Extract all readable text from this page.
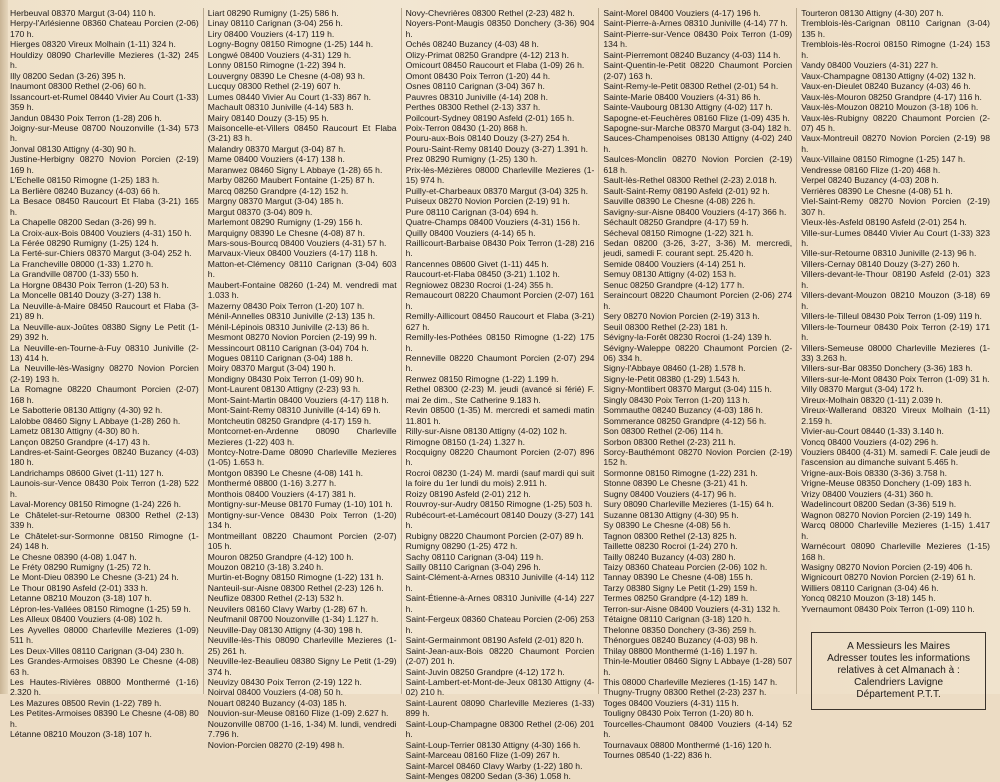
Herbeuval 08370 Margut (3-04) 110 h.

Herpy-l'Arlésienne 08360 Chateau Porcien (2-06) 170 h.

Hierges 08320 Vireux Molhain (1-11) 324 h.

Houldizy 08090 Charleville Mezieres (1-32) 245 h.

Illy 08200 Sedan (3-26) 395 h.

Inaumont 08300 Rethel (2-06) 60 h.

Issancourt-et-Rumel 08440 Vivier Au Court (1-33) 359 h.

Jandun 08430 Poix Terron (1-28) 206 h.

Joigny-sur-Meuse 08700 Nouzonville (1-34) 573 h.

Jonval 08130 Attigny (4-30) 90 h.

Justine-Herbigny 08270 Novion Porcien (2-19) 169 h.

L'Echelle 08150 Rimogne (1-25) 183 h.

La Berlière 08240 Buzancy (4-03) 66 h.

La Besace 08450 Raucourt Et Flaba (3-21) 165 h.

La Chapelle 08200 Sedan (3-26) 99 h.

La Croix-aux-Bois 08400 Vouziers (4-31) 150 h.

La Férée 08290 Rumigny (1-25) 124 h.

La Ferté-sur-Chiers 08370 Margut (3-04) 252 h.

La Francheville 08000 (1-33) 1.270 h.

La Grandville 08700 (1-33) 550 h.

La Horgne 08430 Poix Terron (1-20) 53 h.

La Moncelle 08140 Douzy (3-27) 138 h.

La Neuville-à-Maire 08450 Raucourt et Flaba (3-21) 89 h.

La Neuville-aux-Joûtes 08380 Signy Le Petit (1-29) 392 h.

La Neuville-en-Tourne-à-Fuy 08310 Juniville (2-13) 414 h.

La Neuville-lès-Wasigny 08270 Novion Porcien (2-19) 193 h.

La Romagne 08220 Chaumont Porcien (2-07) 168 h.

Le Sabotterie 08130 Attigny (4-30) 92 h.

Lalobbe 08460 Signy L Abbaye (1-28) 260 h.

Lametz 08130 Attigny (4-30) 80 h.

Lançon 08250 Grandpre (4-17) 43 h.

Landres-et-Saint-Georges 08240 Buzancy (4-03) 180 h.

Landrichamps 08600 Givet (1-11) 127 h.

Launois-sur-Vence 08430 Poix Terron (1-28) 522 h.

Laval-Morency 08150 Rimogne (1-24) 226 h.

Le Châtelet-sur-Retourne 08300 Rethel (2-13) 339 h.

Le Châtelet-sur-Sormonne 08150 Rimogne (1-24) 148 h.

Le Chesne 08390 (4-08) 1.047 h.

Le Fréty 08290 Rumigny (1-25) 72 h.

Le Mont-Dieu 08390 Le Chesne (3-21) 24 h.

Le Thour 08190 Asfeld (2-01) 333 h.

Letanne 08210 Mouzon (3-18) 107 h.

Lépron-les-Vallées 08150 Rimogne (1-25) 59 h.

Les Alleux 08400 Vouziers (4-08) 102 h.

Les Ayvelles 08000 Charleville Mezieres (1-09) 511 h.

Les Deux-Villes 08110 Carignan (3-04) 230 h.

Les Grandes-Armoises 08390 Le Chesne (4-08) 63 h.

Les Hautes-Rivières 08800 Monthermé (1-16) 2.320 h.

Les Mazures 08500 Revin (1-22) 789 h.

Les Petites-Armoises 08390 Le Chesne (4-08) 80 h.

Létanne 08210 Mouzon (3-18) 107 h.

Liart 08290 Rumigny (1-25) 586 h.

Linay 08110 Carignan (3-04) 256 h.

Liry 08400 Vouziers (4-17) 119 h.

Logny-Bogny 08150 Rimogne (1-25) 144 h.

Longwé 08400 Vouziers (4-31) 129 h.

Lonny 08150 Rimogne (1-22) 394 h.

Louvergny 08390 Le Chesne (4-08) 93 h.

Lucquy 08300 Rethel (2-19) 607 h.

Lumes 08440 Vivier Au Court (1-33) 867 h.

Machault 08310 Juniville (4-14) 583 h.

Mairy 08140 Douzy (3-15) 95 h.

Maisoncelle-et-Villers 08450 Raucourt Et Flaba (3-21) 83 h.

Malandry 08370 Margut (3-04) 87 h.

Mame 08400 Vouziers (4-17) 138 h.

Maranwez 08460 Signy L Abbaye (1-28) 65 h.

Marby 08260 Maubert Fontaine (1-25) 87 h.

Marcq 08250 Grandpre (4-12) 152 h.

Margny 08370 Margut (3-04) 185 h.

Margut 08370 (3-04) 809 h.

Marlemont 08290 Rumigny (1-29) 156 h.

Marquigny 08390 Le Chesne (4-08) 87 h.

Mars-sous-Bourcq 08400 Vouziers (4-31) 57 h.

Marvaux-Vieux 08400 Vouziers (4-17) 118 h.

Matton-et-Clémency 08110 Carignan (3-04) 603 h.

Maubert-Fontaine 08260 (1-24) M. vendredi mat 1.033 h.

Mazerny 08430 Poix Terron (1-20) 107 h.

Ménil-Annelles 08310 Juniville (2-13) 135 h.

Ménil-Lépinois 08310 Juniville (2-13) 86 h.

Mesmont 08270 Novion Porcien (2-19) 99 h.

Messincourt 08110 Carignan (3-04) 704 h.

Mogues 08110 Carignan (3-04) 188 h.

Moiry 08370 Margut (3-04) 190 h.

Mondigny 08430 Poix Terron (1-09) 90 h.

Mont-Laurent 08130 Attigny (2-23) 93 h.

Mont-Saint-Martin 08400 Vouziers (4-17) 118 h.

Mont-Saint-Remy 08310 Juniville (4-14) 69 h.

Montcheutin 08250 Grandpre (4-17) 159 h.

Montcornet-en-Ardenne 08090 Charleville Mezieres (1-22) 403 h.

Montcy-Notre-Dame 08090 Charleville Mezieres (1-05) 1.653 h.

Montgon 08390 Le Chesne (4-08) 141 h.

Monthermé 08800 (1-16) 3.277 h.

Monthois 08400 Vouziers (4-17) 381 h.

Montigny-sur-Meuse 08170 Fumay (1-10) 101 h.

Montigny-sur-Vence 08430 Poix Terron (1-20) 134 h.

Montmeillant 08220 Chaumont Porcien (2-07) 105 h.

Mouron 08250 Grandpre (4-12) 100 h.

Mouzon 08210 (3-18) 3.240 h.

Murtin-et-Bogny 08150 Rimogne (1-22) 131 h.

Nanteuil-sur-Aisne 08300 Rethel (2-23) 126 h.

Neuflize 08300 Rethel (2-13) 532 h.

Neuvilers 08160 Clavy Warby (1-28) 67 h.

Neufmanil 08700 Nouzonville (1-34) 1.127 h.

Neuville-Day 08130 Attigny (4-30) 198 h.

Neuville-lès-This 08090 Charleville Mezieres (1-25) 261 h.

Neuville-lez-Beaulieu 08380 Signy Le Petit (1-29) 374 h.

Neuvizy 08430 Poix Terron (2-19) 122 h.

Noirval 08400 Vouziers (4-08) 50 h.

Nouart 08240 Buzancy (4-03) 185 h.

Nouvion-sur-Meuse 08160 Flize (1-09) 2.627 h.

Nouzonville 08700 (1-16, 1-34) M. lundi, vendredi 7.796 h.

Novion-Porcien 08270 (2-19) 498 h.

Novy-Chevrières 08300 Rethel (2-23) 482 h.

Noyers-Pont-Maugis 08350 Donchery (3-36) 904 h.

Ochés 08240 Buzancy (4-03) 48 h.

Olizy-Primat 08250 Grandpre (4-12) 213 h.

Omicourt 08450 Raucourt et Flaba (1-09) 26 h.

Omont 08430 Poix Terron (1-20) 44 h.

Osnes 08110 Carignan (3-04) 367 h.

Pauvres 08310 Juniville (4-14) 208 h.

Perthes 08300 Rethel (2-13) 337 h.

Poilcourt-Sydney 08190 Asfeld (2-01) 165 h.

Poix-Terron 08430 (1-20) 868 h.

Pouru-aux-Bois 08140 Douzy (3-27) 254 h.

Pouru-Saint-Remy 08140 Douzy (3-27) 1.391 h.

Prez 08290 Rumigny (1-25) 130 h.

Prix-lès-Mézières 08000 Charleville Mezieres (1-15) 974 h.

Puilly-et-Charbeaux 08370 Margut (3-04) 325 h.

Puiseux 08270 Novion Porcien (2-19) 91 h.

Pure 08110 Carignan (3-04) 694 h.

Quatre-Champs 08400 Vouziers (4-31) 156 h.

Quilly 08400 Vouziers (4-14) 65 h.

Raillicourt-Barbaise 08430 Poix Terron (1-28) 216 h.

Rancennes 08600 Givet (1-11) 445 h.

Raucourt-et-Flaba 08450 (3-21) 1.102 h.

Regniowez 08230 Rocroi (1-24) 355 h.

Remaucourt 08220 Chaumont Porcien (2-07) 161 h.

Remilly-Aillicourt 08450 Raucourt et Flaba (3-21) 627 h.

Remilly-les-Pothées 08150 Rimogne (1-22) 175 h.

Renneville 08220 Chaumont Porcien (2-07) 294 h.

Renwez 08150 Rimogne (1-22) 1.199 h.

Rethel 08300 (2-23) M. jeudi (avancé si férié) F. mai 2e dim., Ste Catherine 9.183 h.

Revin 08500 (1-35) M. mercredi et samedi matin 11.801 h.

Rilly-sur-Aisne 08130 Attigny (4-02) 102 h.

Rimogne 08150 (1-24) 1.327 h.

Rocquigny 08220 Chaumont Porcien (2-07) 896 h.

Rocroi 08230 (1-24) M. mardi (sauf mardi qui suit la foire du 1er lundi du mois) 2.911 h.

Roizy 08190 Asfeld (2-01) 212 h.

Rouvroy-sur-Audry 08150 Rimogne (1-25) 503 h.

Rubécourt-et-Lamécourt 08140 Douzy (3-27) 141 h.

Rubigny 08220 Chaumont Porcien (2-07) 89 h.

Rumigny 08290 (1-25) 472 h.

Sachy 08110 Carignan (3-04) 119 h.

Sailly 08110 Carignan (3-04) 296 h.

Saint-Clément-à-Arnes 08310 Juniville (4-14) 112 h.

Saint-Étienne-à-Arnes 08310 Juniville (4-14) 227 h.

Saint-Fergeux 08360 Chateau Porcien (2-06) 253 h.

Saint-Germainmont 08190 Asfeld (2-01) 820 h.

Saint-Jean-aux-Bois 08220 Chaumont Porcien (2-07) 201 h.

Saint-Juvin 08250 Grandpre (4-12) 172 h.

Saint-Lambert-et-Mont-de-Jeux 08130 Attigny (4-02) 210 h.

Saint-Laurent 08090 Charleville Mezieres (1-33) 899 h.

Saint-Loup-Champagne 08300 Rethel (2-06) 201 h.

Saint-Loup-Terrier 08130 Attigny (4-30) 166 h.

Saint-Marceau 08160 Flize (1-09) 267 h.

Saint-Marcel 08460 Clavy Warby (1-22) 180 h.

Saint-Menges 08200 Sedan (3-36) 1.058 h.

Saint-Morel 08400 Vouziers (4-17) 196 h.

Saint-Pierre-à-Arnes 08310 Juniville (4-14) 77 h.

Saint-Pierre-sur-Vence 08430 Poix Terron (1-09) 134 h.

Saint-Pierremont 08240 Buzancy (4-03) 114 h.

Saint-Quentin-le-Petit 08220 Chaumont Porcien (2-07) 163 h.

Saint-Remy-le-Petit 08300 Rethel (2-01) 54 h.

Sainte-Marie 08400 Vouziers (4-31) 86 h.

Sainte-Vaubourg 08130 Attigny (4-02) 117 h.

Sapogne-et-Feuchères 08160 Flize (1-09) 435 h.

Sapogne-sur-Marche 08370 Margut (3-04) 182 h.

Sauces-Champenoises 08130 Attigny (4-02) 240 h.

Saulces-Monclin 08270 Novion Porcien (2-19) 618 h.

Sault-lès-Rethel 08300 Rethel (2-23) 2.018 h.

Sault-Saint-Remy 08190 Asfeld (2-01) 92 h.

Sauville 08390 Le Chesne (4-08) 226 h.

Savigny-sur-Aisne 08400 Vouziers (4-17) 366 h.

Séchault 08250 Grandpre (4-17) 59 h.

Sécheval 08150 Rimogne (1-22) 321 h.

Sedan 08200 (3-26, 3-27, 3-36) M. mercredi, jeudi, samedi F. courant sept. 25.420 h.

Semide 08400 Vouziers (4-14) 251 h.

Semuy 08130 Attigny (4-02) 153 h.

Senuc 08250 Grandpre (4-12) 177 h.

Seraincourt 08220 Chaumont Porcien (2-06) 274 h.

Sery 08270 Novion Porcien (2-19) 313 h.

Seuil 08300 Rethel (2-23) 181 h.

Sévigny-la-Forêt 08230 Rocroi (1-24) 139 h.

Sévigny-Waleppe 08220 Chaumont Porcien (2-06) 334 h.

Signy-l'Abbaye 08460 (1-28) 1.578 h.

Signy-le-Petit 08380 (1-29) 1.543 h.

Signy-Montlibert 08370 Margut (3-04) 115 h.

Singly 08430 Poix Terron (1-20) 113 h.

Sommauthe 08240 Buzancy (4-03) 186 h.

Sommerance 08250 Grandpre (4-12) 56 h.

Son 08300 Rethel (2-06) 114 h.

Sorbon 08300 Rethel (2-23) 211 h.

Sorcy-Bauthémont 08270 Novion Porcien (2-19) 152 h.

Sormonne 08150 Rimogne (1-22) 231 h.

Stonne 08390 Le Chesne (3-21) 41 h.

Sugny 08400 Vouziers (4-17) 96 h.

Sury 08090 Charleville Mezieres (1-15) 64 h.

Suzanne 08130 Attigny (4-30) 95 h.

Sy 08390 Le Chesne (4-08) 56 h.

Tagnon 08300 Rethel (2-13) 825 h.

Taillette 08230 Rocroi (1-24) 270 h.

Tailly 08240 Buzancy (4-03) 280 h.

Taizy 08360 Chateau Porcien (2-06) 102 h.

Tannay 08390 Le Chesne (4-08) 155 h.

Tarzy 08380 Signy Le Petit (1-29) 159 h.

Termes 08250 Grandpre (4-12) 189 h.

Terron-sur-Aisne 08400 Vouziers (4-31) 132 h.

Tétaigne 08110 Carignan (3-18) 120 h.

Thelonne 08350 Donchery (3-36) 259 h.

Thénorgues 08240 Buzancy (4-03) 98 h.

Thilay 08800 Monthermé (1-16) 1.197 h.

Thin-le-Moutier 08460 Signy L Abbaye (1-28) 507 h.

This 08000 Charleville Mezieres (1-15) 147 h.

Thugny-Trugny 08300 Rethel (2-23) 237 h.

Toges 08400 Vouziers (4-31) 115 h.

Touligny 08430 Poix Terron (1-20) 80 h.

Tourcelles-Chaumont 08400 Vouziers (4-14) 52 h.

Tournavaux 08800 Monthermé (1-16) 120 h.

Tournes 08540 (1-22) 836 h.

Tourteron 08130 Attigny (4-30) 207 h.

Tremblois-lès-Carignan 08110 Carignan (3-04) 135 h.

Tremblois-lès-Rocroi 08150 Rimogne (1-24) 153 h.

Vandy 08400 Vouziers (4-31) 227 h.

Vaux-Champagne 08130 Attigny (4-02) 132 h.

Vaux-en-Dieulet 08240 Buzancy (4-03) 46 h.

Vaux-lès-Mouron 08250 Grandpre (4-17) 116 h.

Vaux-lès-Mouzon 08210 Mouzon (3-18) 106 h.

Vaux-lès-Rubigny 08220 Chaumont Porcien (2-07) 45 h.

Vaux-Montreuil 08270 Novion Porcien (2-19) 98 h.

Vaux-Villaine 08150 Rimogne (1-25) 147 h.

Vendresse 08160 Flize (1-20) 468 h.

Verpel 08240 Buzancy (4-03) 208 h.

Verrières 08390 Le Chesne (4-08) 51 h.

Viel-Saint-Remy 08270 Novion Porcien (2-19) 307 h.

Vieux-lès-Asfeld 08190 Asfeld (2-01) 254 h.

Ville-sur-Lumes 08440 Vivier Au Court (1-33) 323 h.

Ville-sur-Retourne 08310 Juniville (2-13) 96 h.

Villers-Cernay 08140 Douzy (3-27) 260 h.

Villers-devant-le-Thour 08190 Asfeld (2-01) 323 h.

Villers-devant-Mouzon 08210 Mouzon (3-18) 69 h.

Villers-le-Tilleul 08430 Poix Terron (1-09) 119 h.

Villers-le-Tourneur 08430 Poix Terron (2-19) 171 h.

Villers-Semeuse 08000 Charleville Mezieres (1-33) 3.263 h.

Villers-sur-Bar 08350 Donchery (3-36) 183 h.

Villers-sur-le-Mont 08430 Poix Terron (1-09) 31 h.

Villy 08370 Margut (3-04) 172 h.

Vireux-Molhain 08320 (1-11) 2.039 h.

Vireux-Wallerand 08320 Vireux Molhain (1-11) 2.159 h.

Vivier-au-Court 08440 (1-33) 3.140 h.

Voncq 08400 Vouziers (4-02) 296 h.

Vouziers 08400 (4-31) M. samedi F. Cale jeudi de l'ascension au dimanche suivant 5.465 h.

Vrigne-aux-Bois 08330 (3-36) 3.758 h.

Vrigne-Meuse 08350 Donchery (1-09) 183 h.

Vrizy 08400 Vouziers (4-31) 360 h.

Wadelincourt 08200 Sedan (3-36) 519 h.

Wagnon 08270 Novion Porcien (2-19) 149 h.

Warcq 08000 Charleville Mezieres (1-15) 1.417 h.

Warnécourt 08090 Charleville Mezieres (1-15) 168 h.

Wasigny 08270 Novion Porcien (2-19) 406 h.

Wignicourt 08270 Novion Porcien (2-19) 61 h.

Williers 08110 Carignan (3-04) 46 h.

Yoncq 08210 Mouzon (3-18) 145 h.

Yvernaumont 08430 Poix Terron (1-09) 110 h.

A Messieurs les Maires
Adresser toutes les informations
relatives à cet Almanach à :
Calendriers Lavigne
Département P.T.T.
